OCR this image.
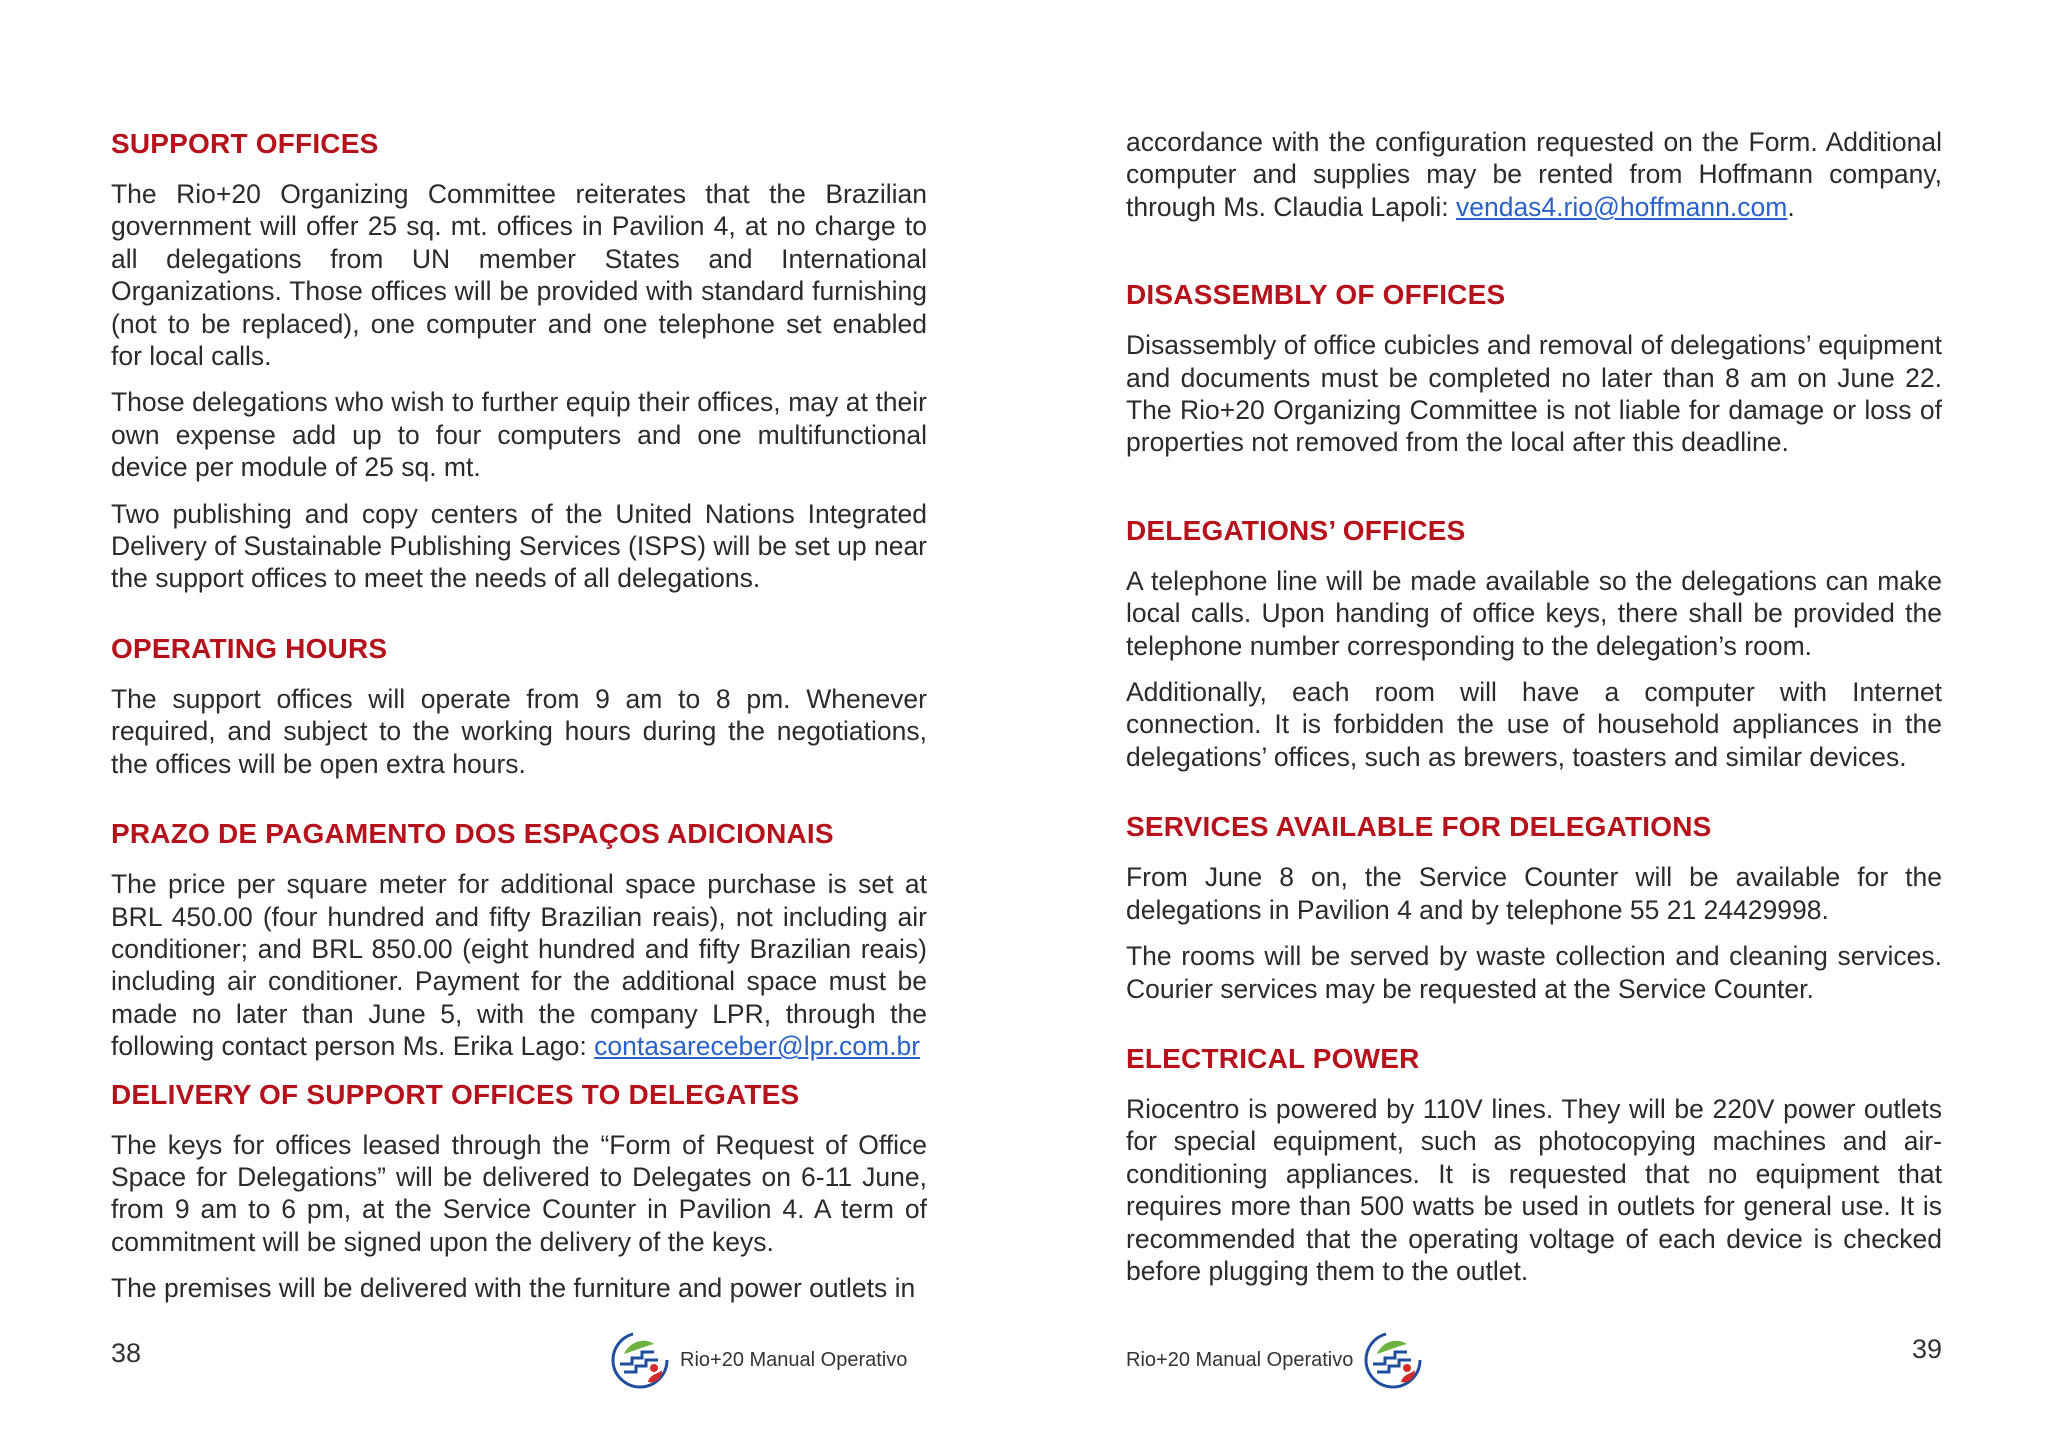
SUPPORT OFFICES

The Rio+20 Organizing Committee reiterates that the Brazilian government will offer 25 sq. mt. offices in Pavilion 4, at no charge to all delegations from UN member States and International Organizations. Those offices will be provided with standard furnishing (not to be replaced), one computer and one telephone set enabled for local calls.

Those delegations who wish to further equip their offices, may at their own expense add up to four computers and one multifunctional device per module of 25 sq. mt.

Two publishing and copy centers of the United Nations Integrated Delivery of Sustainable Publishing Services (ISPS) will be set up near the support offices to meet the needs of all delegations.

OPERATING HOURS

The support offices will operate from 9 am to 8 pm. Whenever required, and subject to the working hours during the negotiations, the offices will be open extra hours.

PRAZO DE PAGAMENTO DOS ESPAÇOS ADICIONAIS

The price per square meter for additional space purchase is set at BRL 450.00 (four hundred and fifty Brazilian reais), not including air conditioner; and BRL 850.00 (eight hundred and fifty Brazilian reais) including air conditioner. Payment for the additional space must be made no later than June 5, with the company LPR, through the following contact person Ms. Erika Lago: contasareceber@lpr.com.br

DELIVERY OF SUPPORT OFFICES TO DELEGATES

The keys for offices leased through the “Form of Request of Office Space for Delegations” will be delivered to Delegates on 6-11 June, from 9 am to 6 pm, at the Service Counter in Pavilion 4. A term of commitment will be signed upon the delivery of the keys.

The premises will be delivered with the furniture and power outlets in

38	Rio+20 Manual Operativo

accordance with the configuration requested on the Form. Additional computer and supplies may be rented from Hoffmann company, through Ms. Claudia Lapoli: vendas4.rio@hoffmann.com.

DISASSEMBLY OF OFFICES

Disassembly of office cubicles and removal of delegations’ equipment and documents must be completed no later than 8 am on June 22. The Rio+20 Organizing Committee is not liable for damage or loss of properties not removed from the local after this deadline.

DELEGATIONS’ OFFICES

A telephone line will be made available so the delegations can make local calls. Upon handing of office keys, there shall be provided the telephone number corresponding to the delegation’s room.

Additionally, each room will have a computer with Internet connection. It is forbidden the use of household appliances in the delegations’ offices, such as brewers, toasters and similar devices.

SERVICES AVAILABLE FOR DELEGATIONS

From June 8 on, the Service Counter will be available for the delegations in Pavilion 4 and by telephone 55 21 24429998.

The rooms will be served by waste collection and cleaning services. Courier services may be requested at the Service Counter.

ELECTRICAL POWER

Riocentro is powered by 110V lines. They will be 220V power outlets for special equipment, such as photocopying machines and air-conditioning appliances. It is requested that no equipment that requires more than 500 watts be used in outlets for general use. It is recommended that the operating voltage of each device is checked before plugging them to the outlet.

Rio+20 Manual Operativo	39
